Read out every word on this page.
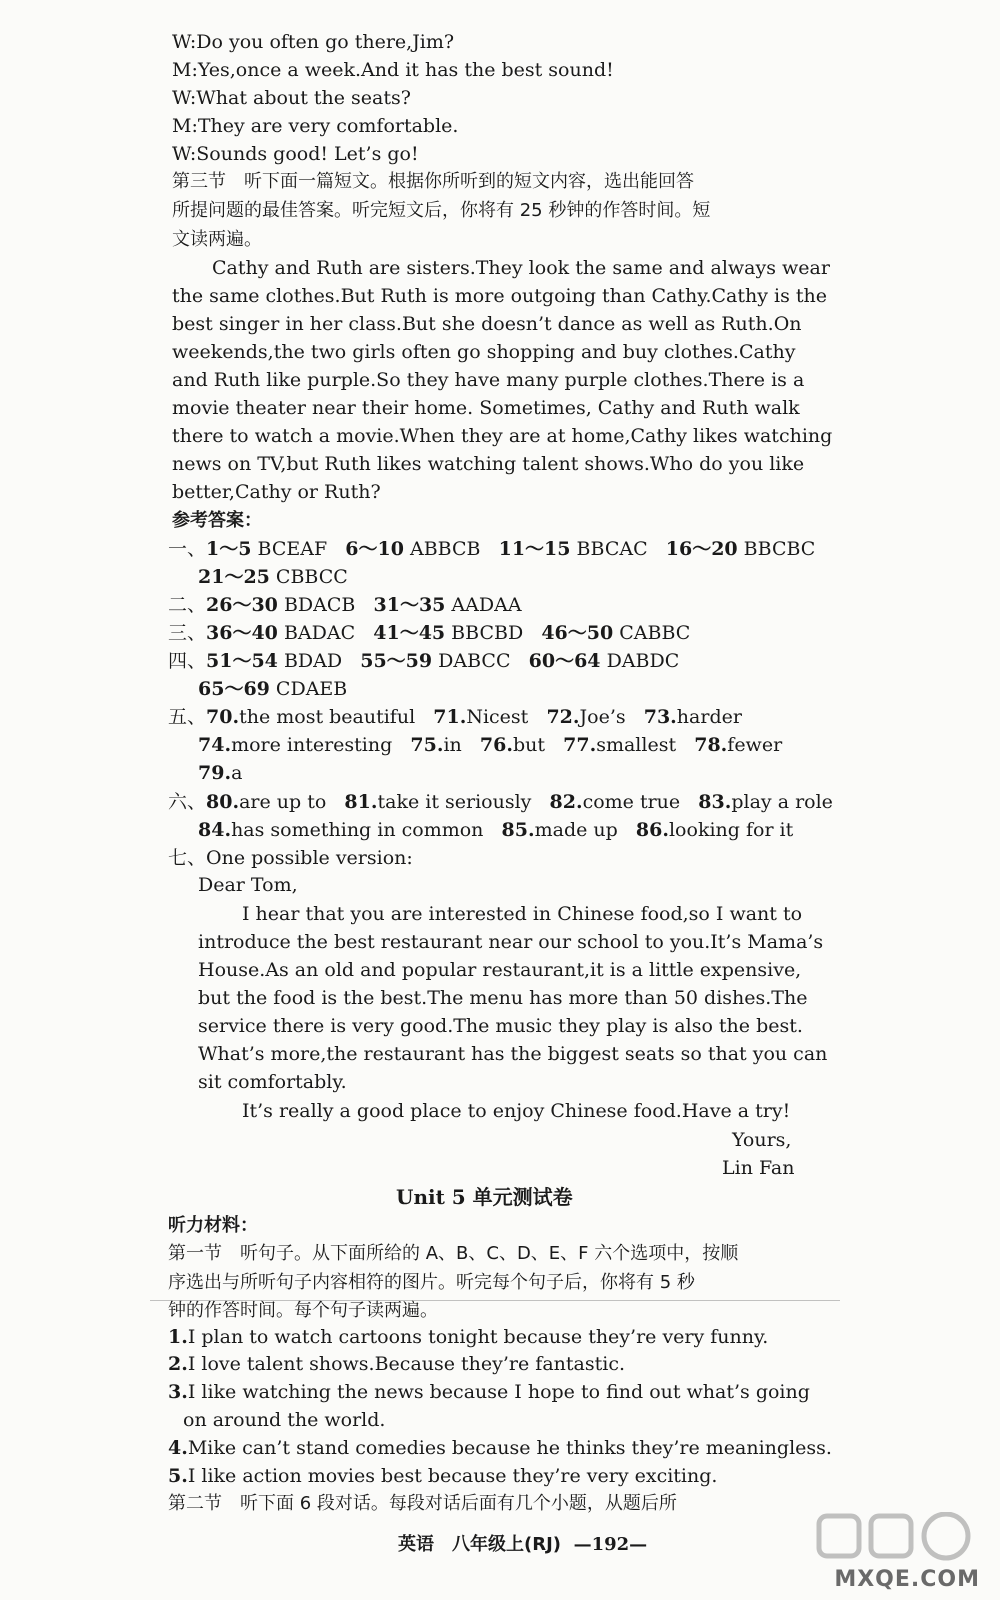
W:Do you often go there,Jim?
M:Yes,once a week.And it has the best sound!
W:What about the seats?
M:They are very comfortable.
W:Sounds good! Let’s go!
第三节　听下面一篇短文。根据你所听到的短文内容，选出能回答
所提问题的最佳答案。听完短文后，你将有 25 秒钟的作答时间。短
文读两遍。
Cathy and Ruth are sisters.They look the same and always wear
the same clothes.But Ruth is more outgoing than Cathy.Cathy is the
best singer in her class.But she doesn’t dance as well as Ruth.On
weekends,the two girls often go shopping and buy clothes.Cathy
and Ruth like purple.So they have many purple clothes.There is a
movie theater near their home. Sometimes, Cathy and Ruth walk
there to watch a movie.When they are at home,Cathy likes watching
news on TV,but Ruth likes watching talent shows.Who do you like
better,Cathy or Ruth?
参考答案：
一、1～5 BCEAF 6～10 ABBCB 11～15 BBCAC 16～20 BBCBC
21～25 CBBCC
二、26～30 BDACB 31～35 AADAA
三、36～40 BADAC 41～45 BBCBD 46～50 CABBC
四、51～54 BDAD 55～59 DABCC 60～64 DABDC
65～69 CDAEB
五、70.the most beautiful 71.Nicest 72.Joe’s 73.harder
74.more interesting 75.in 76.but 77.smallest 78.fewer
79.a
六、80.are up to 81.take it seriously 82.come true 83.play a role
84.has something in common 85.made up 86.looking for it
七、One possible version:
Dear Tom,
I hear that you are interested in Chinese food,so I want to
introduce the best restaurant near our school to you.It’s Mama’s
House.As an old and popular restaurant,it is a little expensive,
but the food is the best.The menu has more than 50 dishes.The
service there is very good.The music they play is also the best.
What’s more,the restaurant has the biggest seats so that you can
sit comfortably.
It’s really a good place to enjoy Chinese food.Have a try!
Yours,
Lin Fan
Unit 5 单元测试卷
听力材料：
第一节　听句子。从下面所给的 A、B、C、D、E、F 六个选项中，按顺
序选出与所听句子内容相符的图片。听完每个句子后，你将有 5 秒
钟的作答时间。每个句子读两遍。
1.I plan to watch cartoons tonight because they’re very funny.
2.I love talent shows.Because they’re fantastic.
3.I like watching the news because I hope to find out what’s going
on around the world.
4.Mike can’t stand comedies because he thinks they’re meaningless.
5.I like action movies best because they’re very exciting.
第二节　听下面 6 段对话。每段对话后面有几个小题，从题后所
英语　八年级上(RJ) —192—
MXQE.COM
